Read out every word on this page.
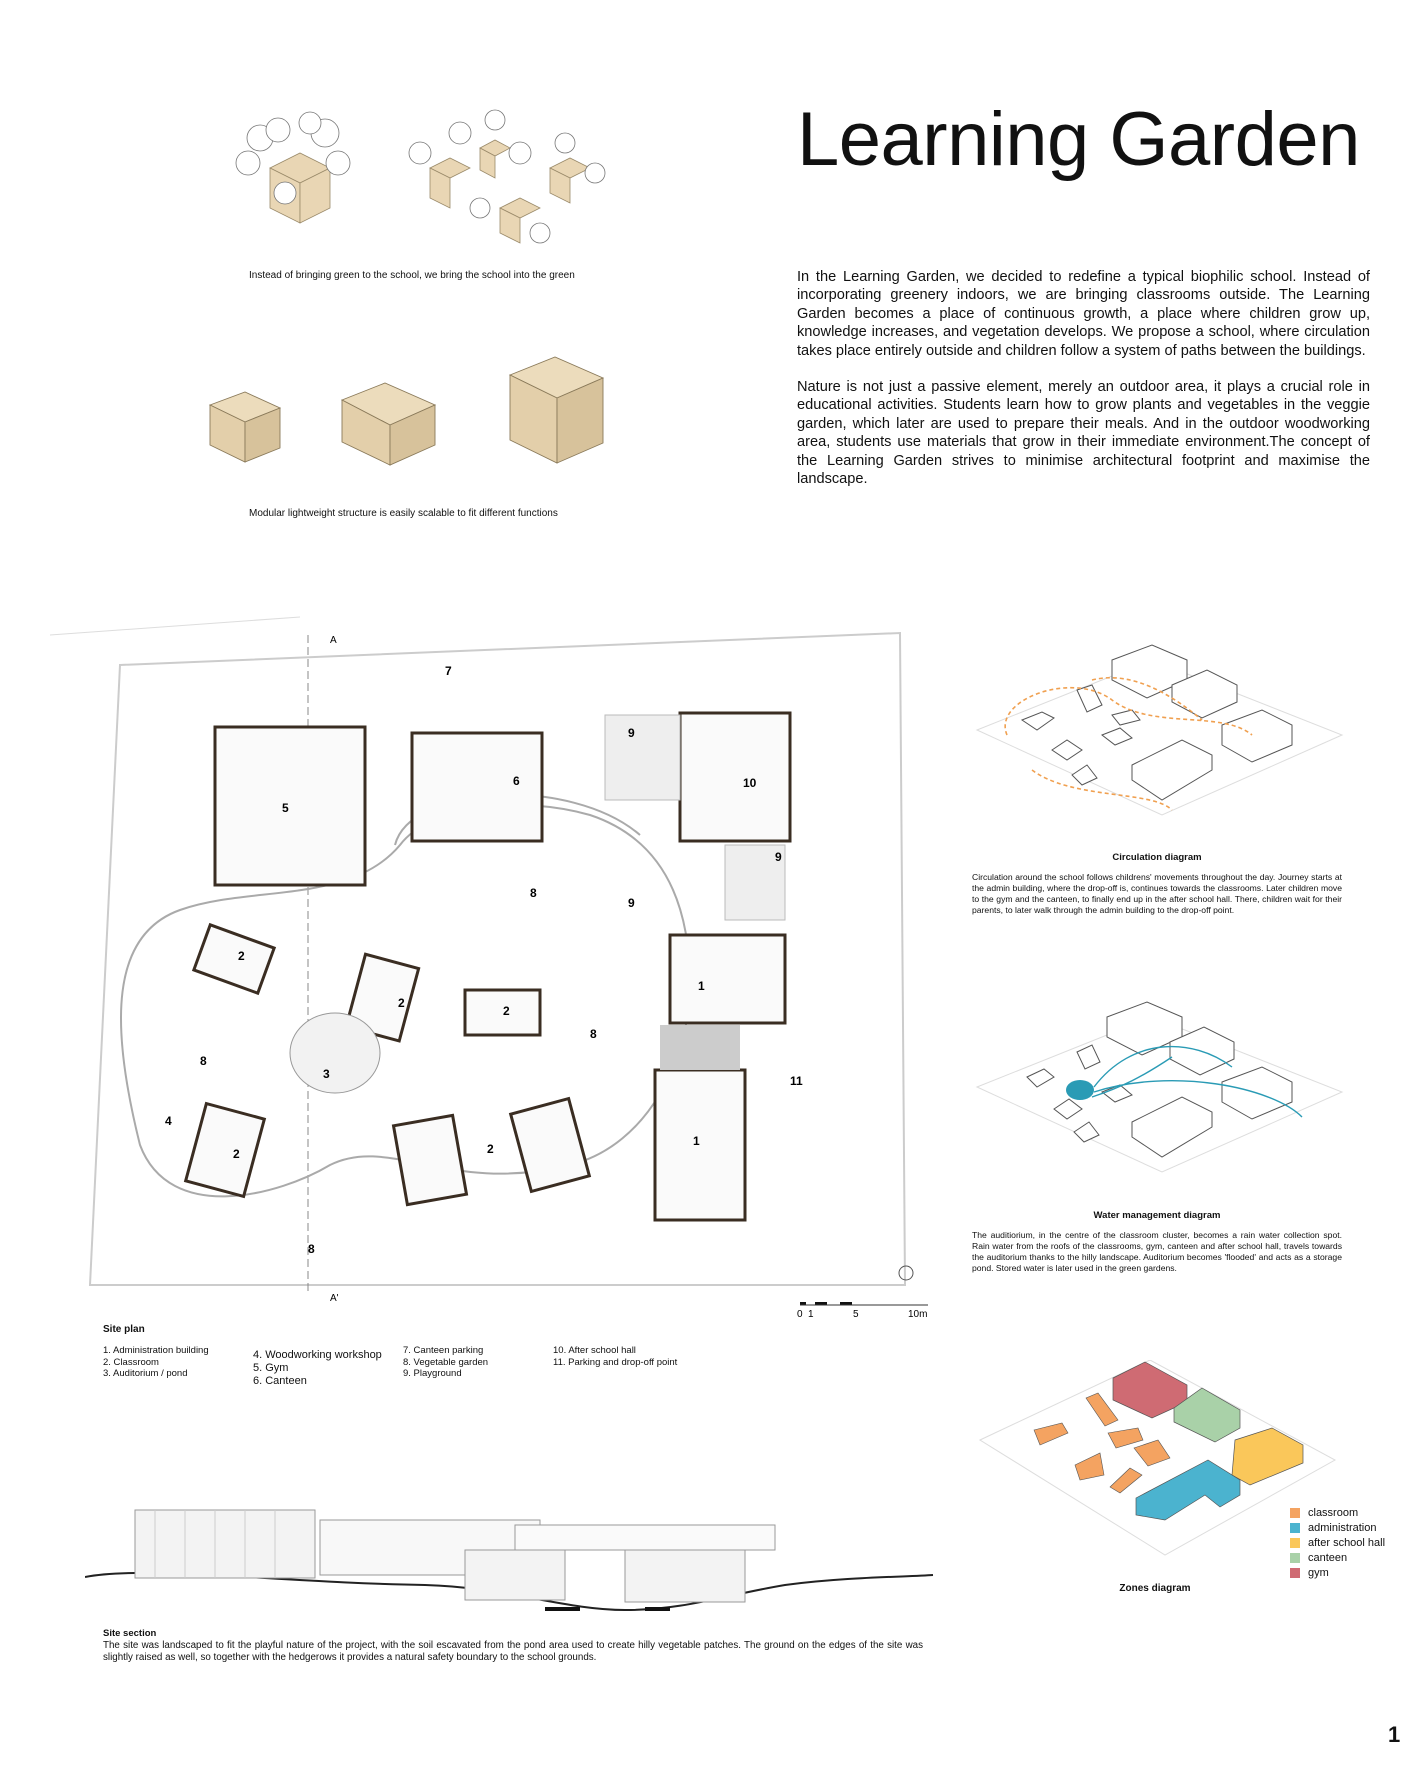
Learning Garden

In the Learning Garden, we decided to redefine a typical biophilic school. Instead of incorporating greenery indoors, we are bringing classrooms outside. The Learning Garden becomes a place of continuous growth, a place where children grow up, knowledge increases, and vegetation develops. We propose a school, where circulation takes place entirely outside and children follow a system of paths between the buildings.

Nature is not just a passive element, merely an outdoor area, it plays a crucial role in educational activities. Students learn how to grow plants and vegetables in the veggie garden, which later are used to prepare their meals. And in the outdoor woodworking area, students use materials that grow in their immediate environment.The concept of the Learning Garden strives to minimise architectural footprint and maximise the landscape.

Instead of bringing green to the school, we bring the school into the green
Modular lightweight structure is easily scalable to fit different functions
A
A'
1
1
2
2
2
2	2
3
4
5
6
7
8
8
8
8
9
9
9
10
11
0 1	5	10m
Site plan
1. Administration building
2. Classroom
3. Auditorium / pond
4. Woodworking workshop
5. Gym
6. Canteen
7. Canteen parking
8. Vegetable garden
9. Playground
10. After school hall
11. Parking and drop-off point
Site section
The site was landscaped to fit the playful nature of the project, with the soil escavated from the pond area used to create hilly vegetable patches. The ground on the edges of the site was slightly raised as well, so together with the hedgerows it provides a natural safety boundary to the school grounds.
Circulation diagram
Circulation around the school follows childrens' movements throughout the day. Journey starts at the admin building, where the drop-off is, continues towards the classrooms. Later children move to the gym and the canteen, to finally end up in the after school hall. There, children wait for their parents, to later walk through the admin building to the drop-off point.
Water management diagram
The auditiorium, in the centre of the classroom cluster, becomes a rain water collection spot. Rain water from the roofs of the classrooms, gym, canteen and after school hall, travels towards the auditorium thanks to the hilly landscape. Auditorium becomes 'flooded' and acts as a storage pond. Stored water is later used in the green gardens.
classroom
administration
after school hall
canteen
gym
Zones diagram
1
